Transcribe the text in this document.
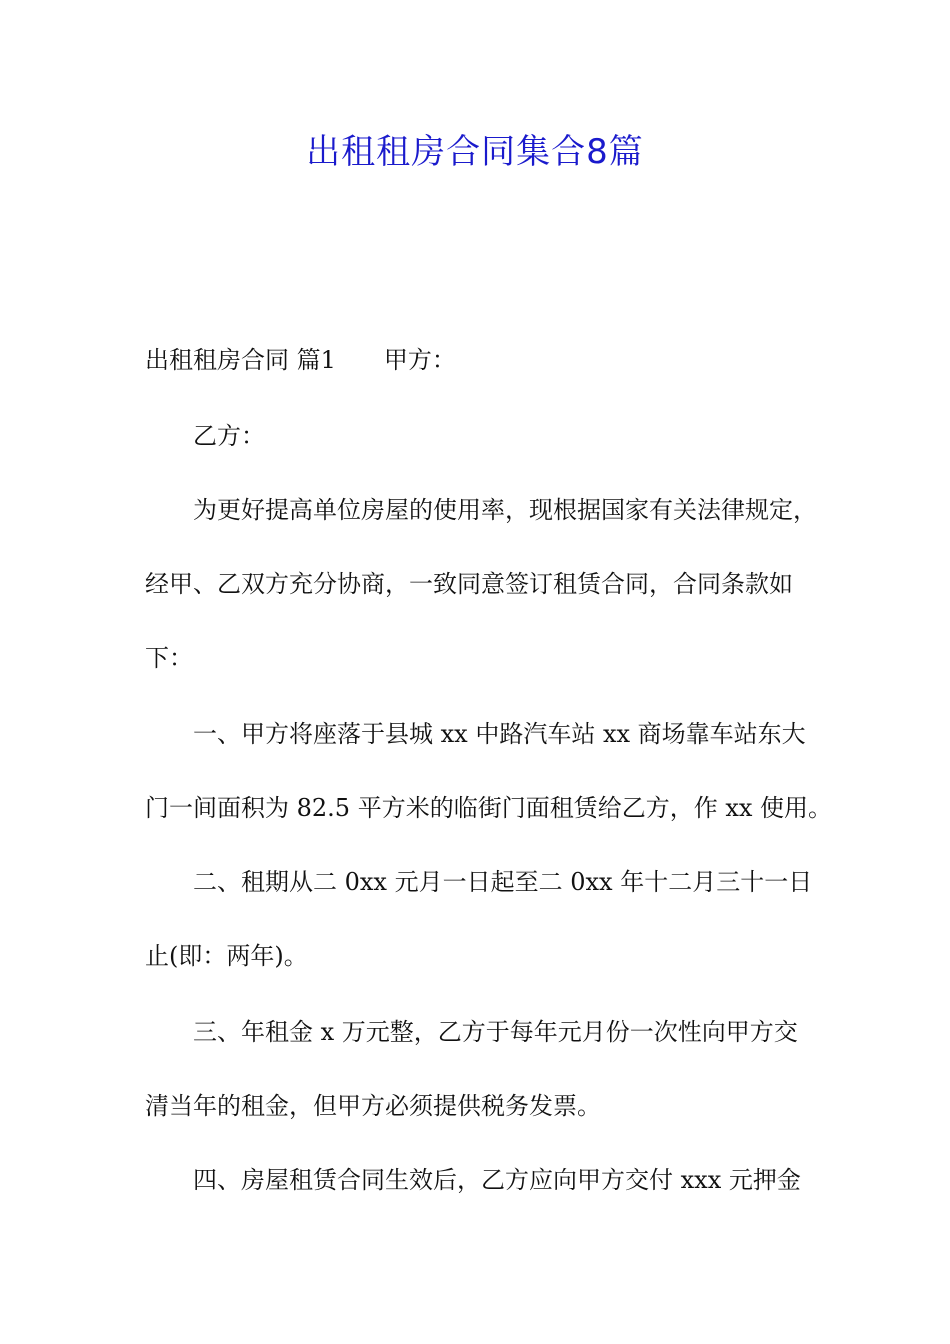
出租租房合同集合8篇
出租租房合同 篇1 甲方：
乙方：
为更好提高单位房屋的使用率，现根据国家有关法律规定，
经甲、乙双方充分协商，一致同意签订租赁合同，合同条款如
下：
一、甲方将座落于县城 xx 中路汽车站 xx 商场靠车站东大
门一间面积为 82.5 平方米的临街门面租赁给乙方，作 xx 使用。
二、租期从二 0xx 元月一日起至二 0xx 年十二月三十一日
止(即：两年)。
三、年租金 x 万元整，乙方于每年元月份一次性向甲方交
清当年的租金，但甲方必须提供税务发票。
四、房屋租赁合同生效后，乙方应向甲方交付 xxx 元押金
